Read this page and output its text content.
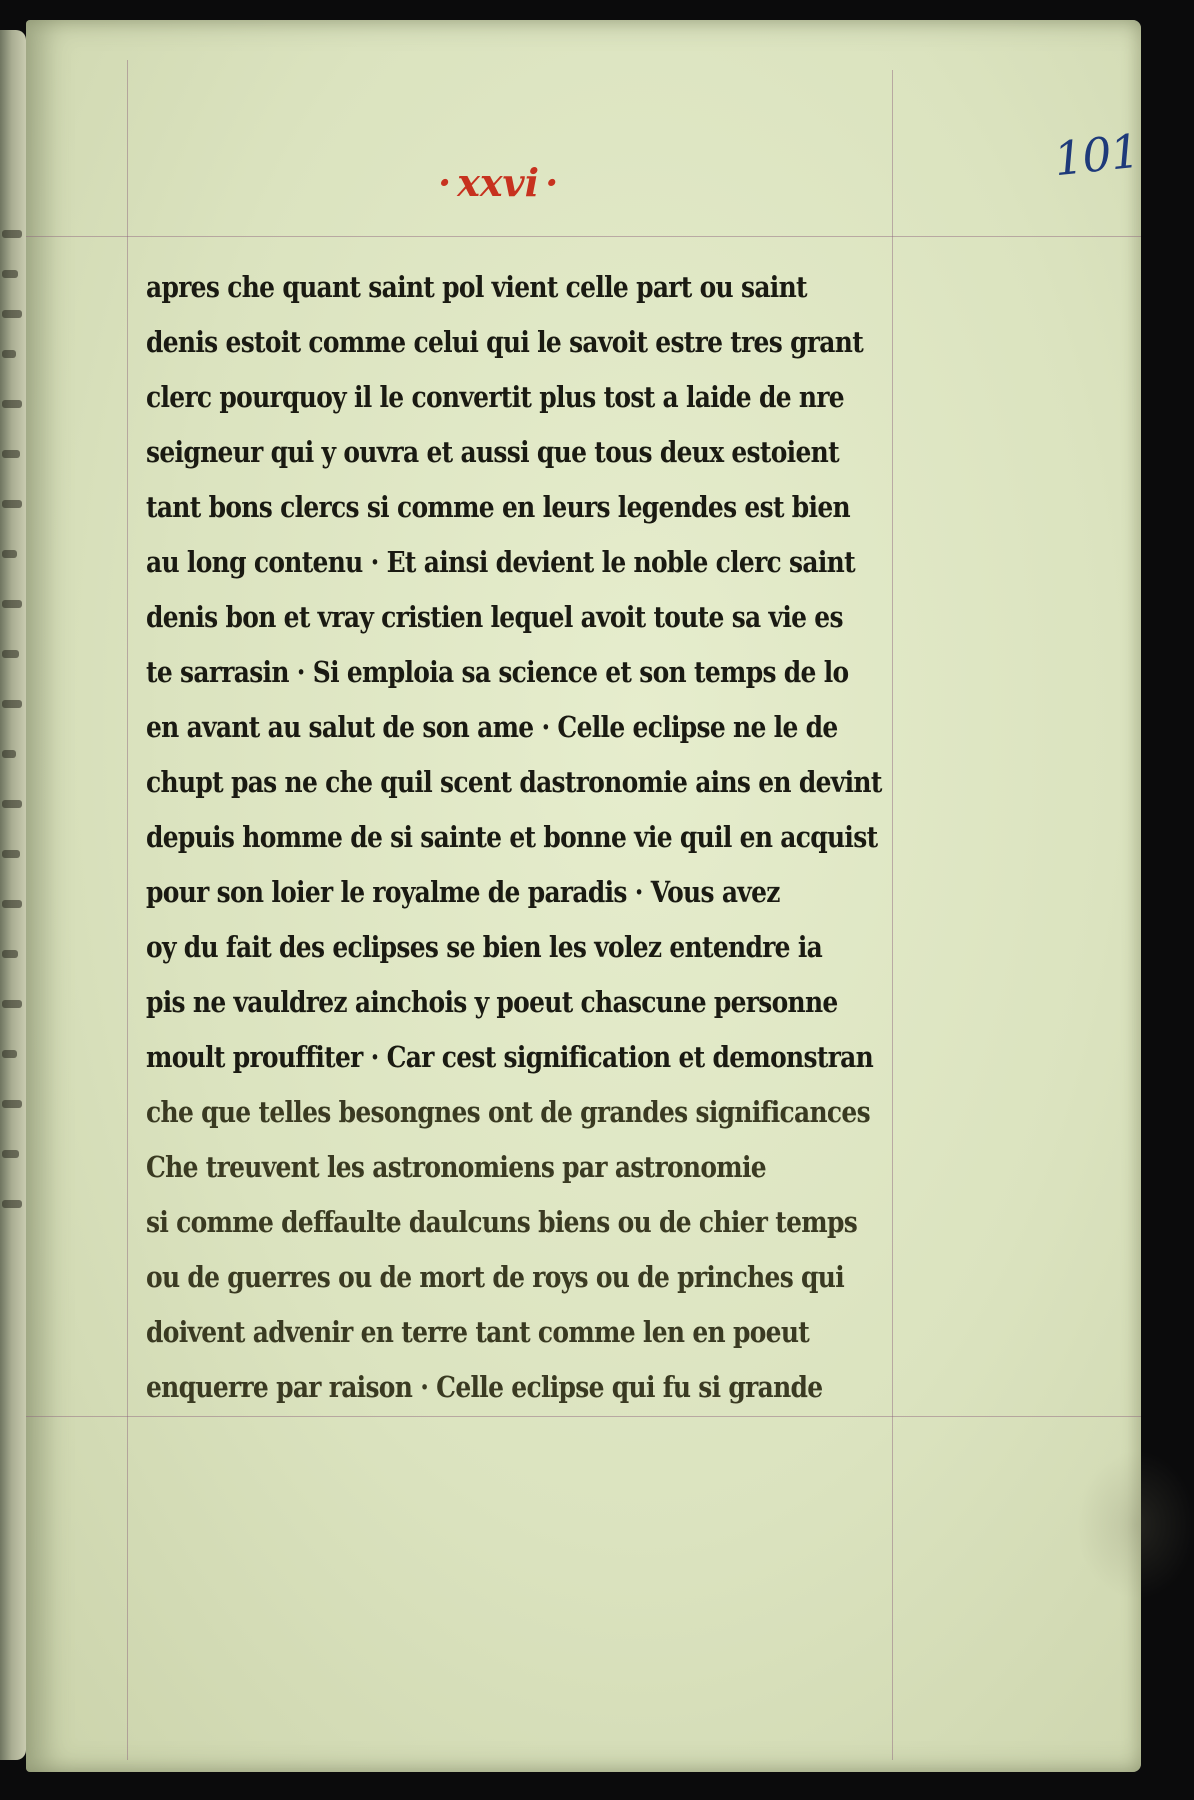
101
· xxvi ·
apres che quant saint pol vient celle part ou saint
denis estoit comme celui qui le savoit estre tres grant
clerc pourquoy il le convertit plus tost a laide de nre
seigneur qui y ouvra et aussi que tous deux estoient
tant bons clercs si comme en leurs legendes est bien
au long contenu · Et ainsi devient le noble clerc saint
denis bon et vray cristien lequel avoit toute sa vie es
te sarrasin · Si emploia sa science et son temps de lo
en avant au salut de son ame · Celle eclipse ne le de
chupt pas ne che quil scent dastronomie ains en devint
depuis homme de si sainte et bonne vie quil en acquist
pour son loier le royalme de paradis · Vous avez
oy du fait des eclipses se bien les volez entendre ia
pis ne vauldrez ainchois y poeut chascune personne
moult prouffiter · Car cest signification et demonstran
che que telles besongnes ont de grandes significances
Che treuvent les astronomiens par astronomie
si comme deffaulte daulcuns biens ou de chier temps
ou de guerres ou de mort de roys ou de prinches qui
doivent advenir en terre tant comme len en poeut
enquerre par raison · Celle eclipse qui fu si grande
